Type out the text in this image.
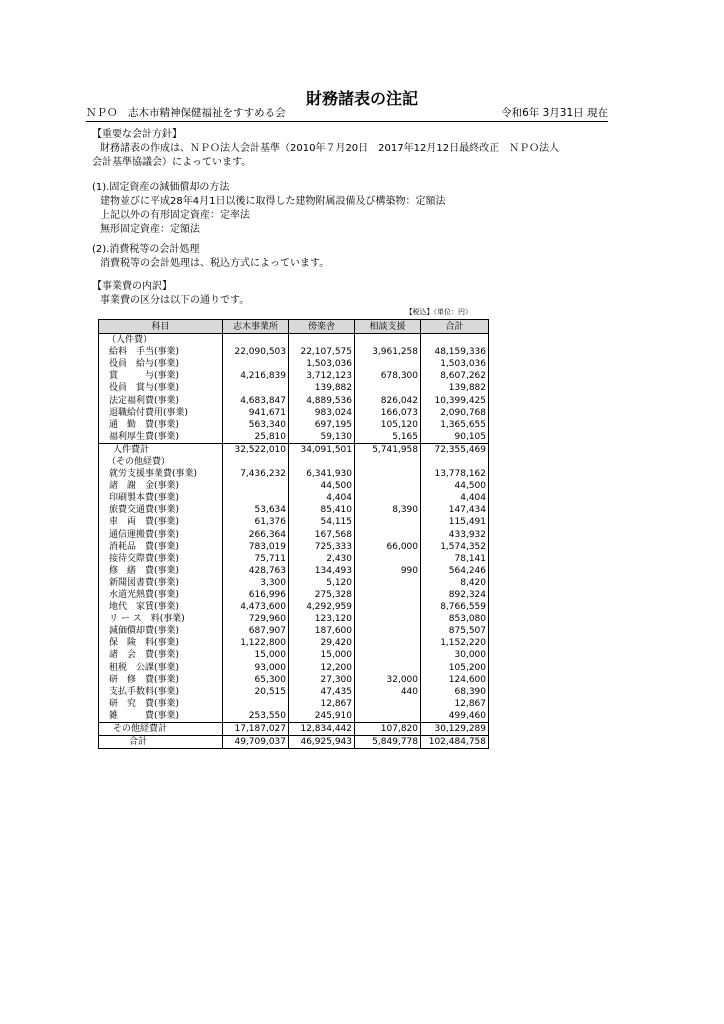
財務諸表の注記
ＮＰＯ　志木市精神保健福祉をすすめる会	令和6年 3月31日 現在
【重要な会計方針】
財務諸表の作成は、ＮＰＯ法人会計基準（2010年７月20日　2017年12月12日最終改正　ＮＰＯ法人
会計基準協議会）によっています。
(1).固定資産の減価償却の方法
建物並びに平成28年4月1日以後に取得した建物附属設備及び構築物：定額法
上記以外の有形固定資産：定率法
無形固定資産：定額法
(2).消費税等の会計処理
消費税等の会計処理は、税込方式によっています。
【事業費の内訳】
事業費の区分は以下の通りです。
【税込】（単位：円）
科目	志木事業所	傍楽舎	相談支援	合計
（人件費）				
給料　手当(事業)	22,090,503	22,107,575	3,961,258	48,159,336
役員　給与(事業)		1,503,036		1,503,036
賞　　　与(事業)	4,216,839	3,712,123	678,300	8,607,262
役員　賞与(事業)		139,882		139,882
法定福利費(事業)	4,683,847	4,889,536	826,042	10,399,425
退職給付費用(事業)	941,671	983,024	166,073	2,090,768
通　勤　費(事業)	563,340	697,195	105,120	1,365,655
福利厚生費(事業)	25,810	59,130	5,165	90,105
人件費計	32,522,010	34,091,501	5,741,958	72,355,469
（その他経費）				
就労支援事業費(事業)	7,436,232	6,341,930		13,778,162
諸　謝　金(事業)		44,500		44,500
印刷製本費(事業)		4,404		4,404
旅費交通費(事業)	53,634	85,410	8,390	147,434
車　両　費(事業)	61,376	54,115		115,491
通信運搬費(事業)	266,364	167,568		433,932
消耗品　費(事業)	783,019	725,333	66,000	1,574,352
接待交際費(事業)	75,711	2,430		78,141
修　繕　費(事業)	428,763	134,493	990	564,246
新聞図書費(事業)	3,300	5,120		8,420
水道光熱費(事業)	616,996	275,328		892,324
地代　家賃(事業)	4,473,600	4,292,959		8,766,559
リ ー ス　料(事業)	729,960	123,120		853,080
減価償却費(事業)	687,907	187,600		875,507
保　険　料(事業)	1,122,800	29,420		1,152,220
諸　会　費(事業)	15,000	15,000		30,000
租税　公課(事業)	93,000	12,200		105,200
研　修　費(事業)	65,300	27,300	32,000	124,600
支払手数料(事業)	20,515	47,435	440	68,390
研　究　費(事業)		12,867		12,867
雑　　　費(事業)	253,550	245,910		499,460
その他経費計	17,187,027	12,834,442	107,820	30,129,289
合計	49,709,037	46,925,943	5,849,778	102,484,758
